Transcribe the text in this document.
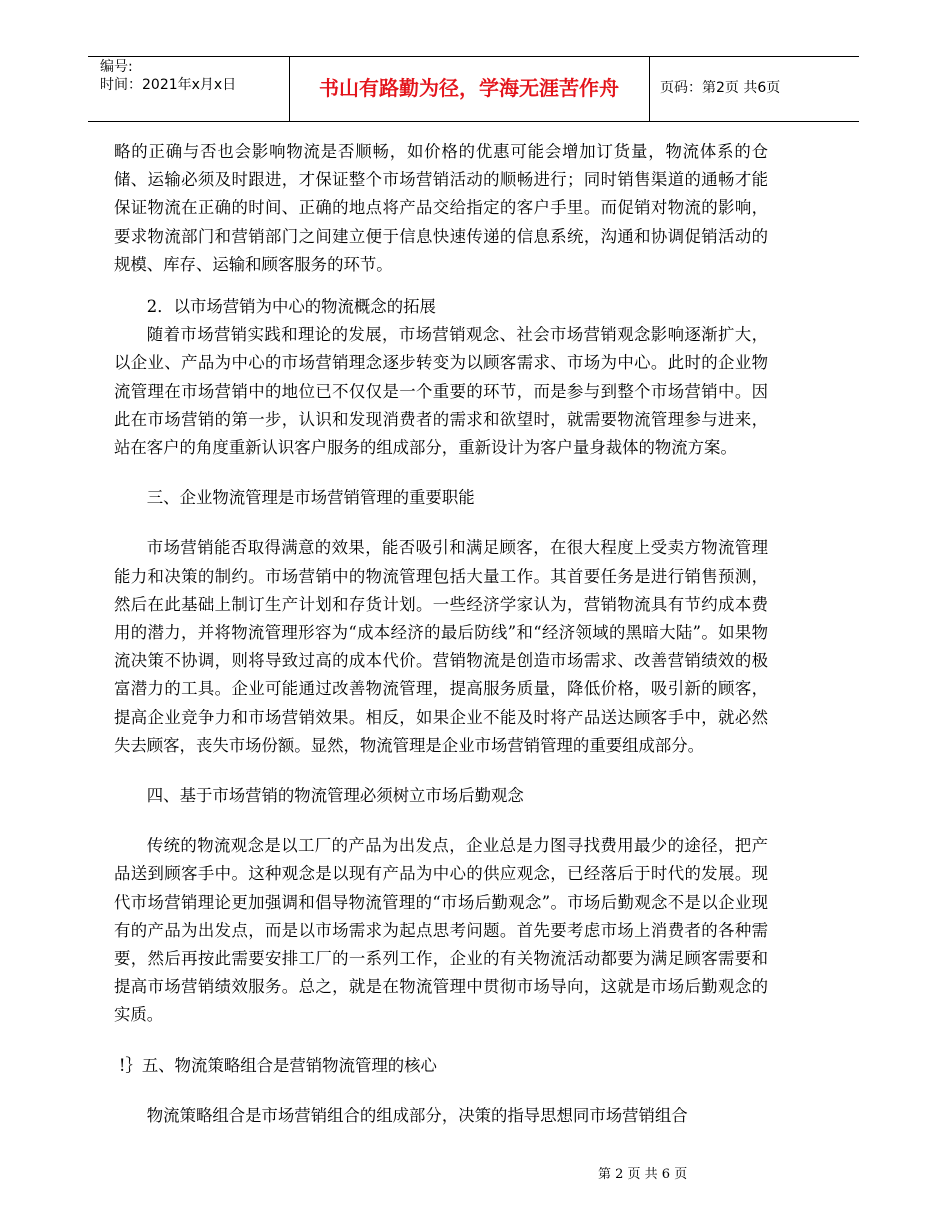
编号:
时间：2021年x月x日	书山有路勤为径，学海无涯苦作舟	页码：第2页 共6页

略的正确与否也会影响物流是否顺畅，如价格的优惠可能会增加订货量，物流体系的仓储、运输必须及时跟进，才保证整个市场营销活动的顺畅进行；同时销售渠道的通畅才能保证物流在正确的时间、正确的地点将产品交给指定的客户手里。而促销对物流的影响，要求物流部门和营销部门之间建立便于信息快速传递的信息系统，沟通和协调促销活动的规模、库存、运输和顾客服务的环节。

2．以市场营销为中心的物流概念的拓展

随着市场营销实践和理论的发展，市场营销观念、社会市场营销观念影响逐渐扩大，以企业、产品为中心的市场营销理念逐步转变为以顾客需求、市场为中心。此时的企业物流管理在市场营销中的地位已不仅仅是一个重要的环节，而是参与到整个市场营销中。因此在市场营销的第一步，认识和发现消费者的需求和欲望时，就需要物流管理参与进来，站在客户的角度重新认识客户服务的组成部分，重新设计为客户量身裁体的物流方案。

三、企业物流管理是市场营销管理的重要职能

市场营销能否取得满意的效果，能否吸引和满足顾客，在很大程度上受卖方物流管理能力和决策的制约。市场营销中的物流管理包括大量工作。其首要任务是进行销售预测，然后在此基础上制订生产计划和存货计划。一些经济学家认为，营销物流具有节约成本费用的潜力，并将物流管理形容为“成本经济的最后防线”和“经济领域的黑暗大陆”。如果物流决策不协调，则将导致过高的成本代价。营销物流是创造市场需求、改善营销绩效的极富潜力的工具。企业可能通过改善物流管理，提高服务质量，降低价格，吸引新的顾客，提高企业竞争力和市场营销效果。相反，如果企业不能及时将产品送达顾客手中，就必然失去顾客，丧失市场份额。显然，物流管理是企业市场营销管理的重要组成部分。

四、基于市场营销的物流管理必须树立市场后勤观念

传统的物流观念是以工厂的产品为出发点，企业总是力图寻找费用最少的途径，把产品送到顾客手中。这种观念是以现有产品为中心的供应观念，已经落后于时代的发展。现代市场营销理论更加强调和倡导物流管理的“市场后勤观念”。市场后勤观念不是以企业现有的产品为出发点，而是以市场需求为起点思考问题。首先要考虑市场上消费者的各种需要，然后再按此需要安排工厂的一系列工作，企业的有关物流活动都要为满足顾客需要和提高市场营销绩效服务。总之，就是在物流管理中贯彻市场导向，这就是市场后勤观念的实质。

!｝五、物流策略组合是营销物流管理的核心

物流策略组合是市场营销组合的组成部分，决策的指导思想同市场营销组合

第 2 页 共 6 页
